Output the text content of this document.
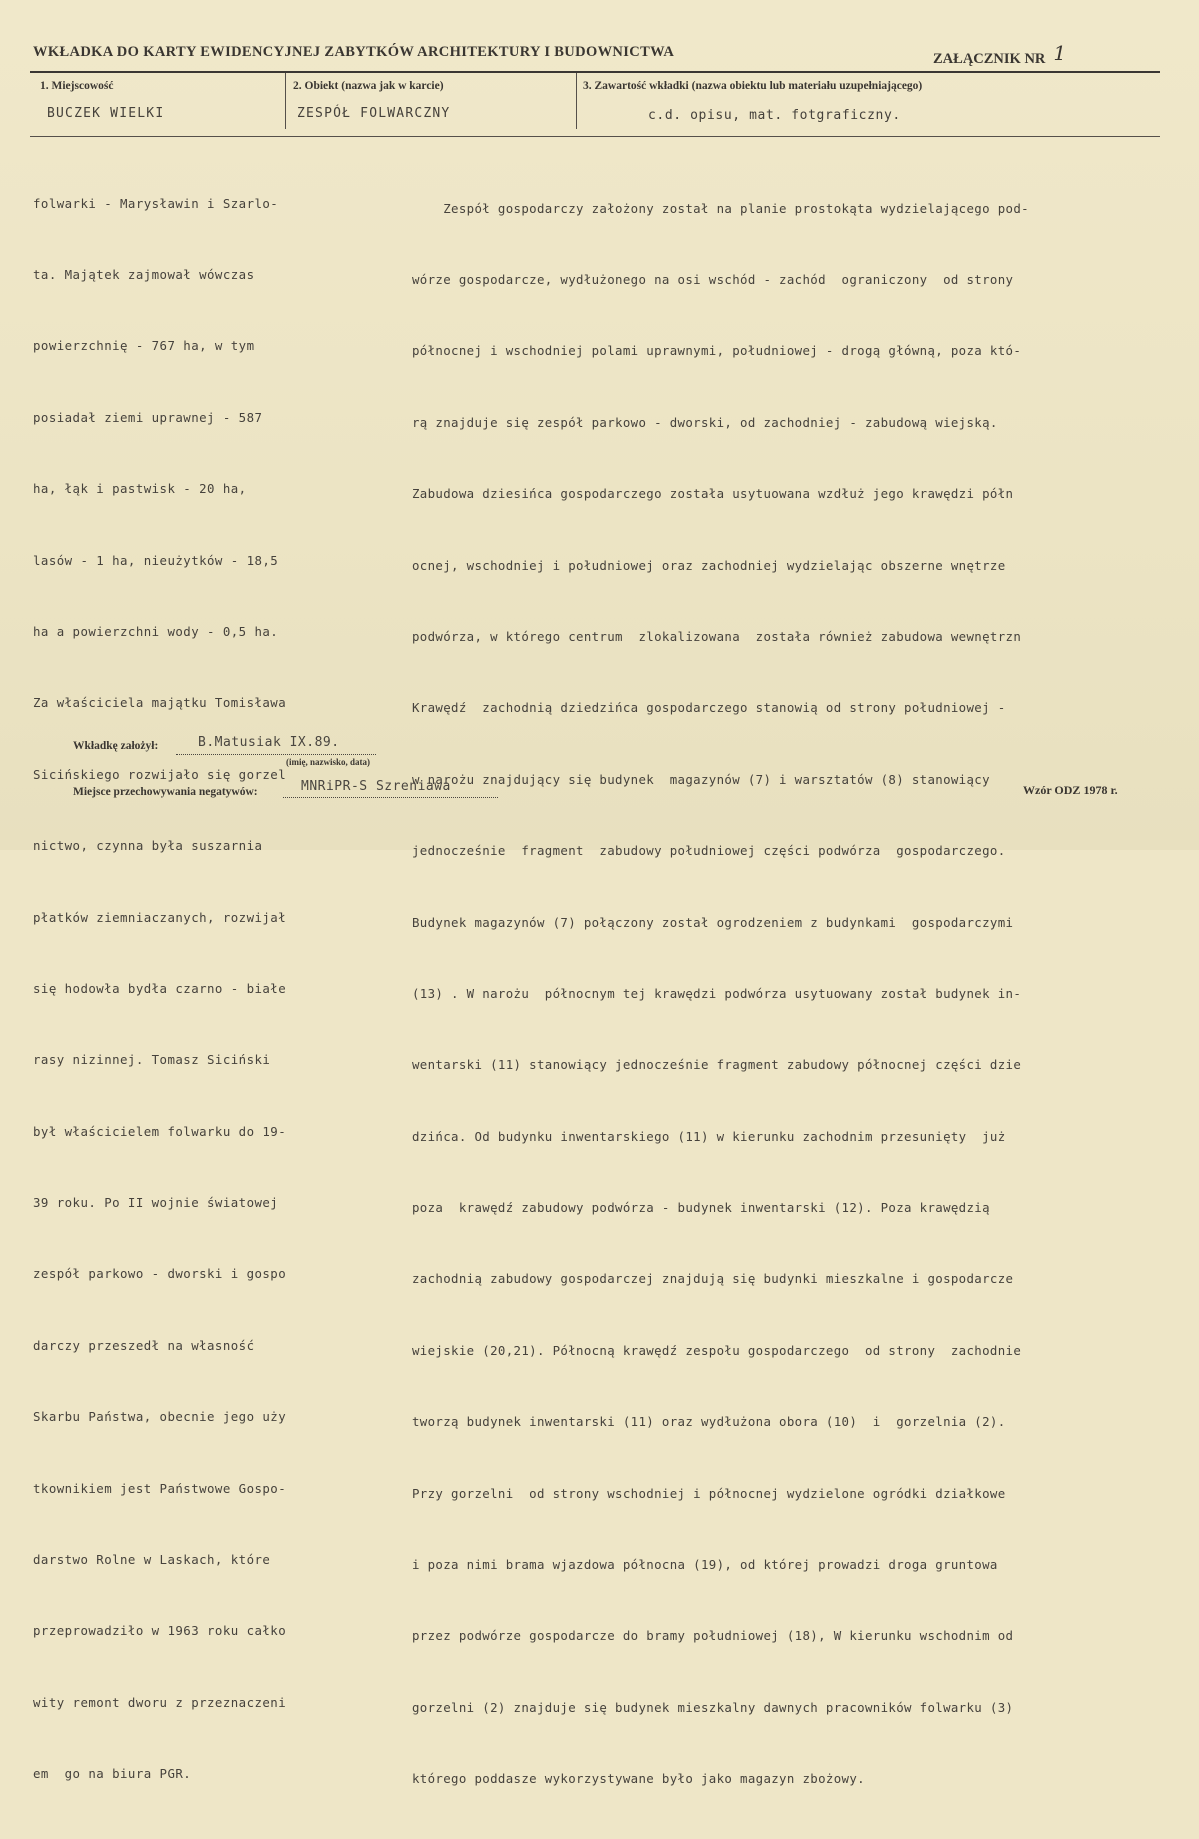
WKŁADKA DO KARTY EWIDENCYJNEJ ZABYTKÓW ARCHITEKTURY I BUDOWNICTWA	ZAŁĄCZNIK NR 1
1. Miejscowość
BUCZEK WIELKI
2. Obiekt (nazwa jak w karcie)
ZESPÓŁ FOLWARCZNY
3. Zawartość wkładki (nazwa obiektu lub materiału uzupełniającego)
c.d. opisu, mat. fotgraficzny.

folwarki - Marysławin i Szarlo-

ta. Majątek zajmował wówczas

powierzchnię - 767 ha, w tym

posiadał ziemi uprawnej - 587

ha, łąk i pastwisk - 20 ha,

lasów - 1 ha, nieużytków - 18,5

ha a powierzchni wody - 0,5 ha.

Za właściciela majątku Tomisława

Sicińskiego rozwijało się gorzel

nictwo, czynna była suszarnia

płatków ziemniaczanych, rozwijał

się hodowła bydła czarno - białe

rasy nizinnej. Tomasz Siciński

był właścicielem folwarku do 19-

39 roku. Po II wojnie światowej

zespół parkowo - dworski i gospo

darczy przeszedł na własność

Skarbu Państwa, obecnie jego uży

tkownikiem jest Państwowe Gospo-

darstwo Rolne w Laskach, które

przeprowadziło w 1963 roku całko

wity remont dworu z przeznaczeni

em  go na biura PGR.

Zespół gospodarczy założony został na planie prostokąta wydzielającego pod-

wórze gospodarcze, wydłużonego na osi wschód - zachód  ograniczony  od strony

północnej i wschodniej polami uprawnymi, południowej - drogą główną, poza któ-

rą znajduje się zespół parkowo - dworski, od zachodniej - zabudową wiejską.

Zabudowa dziesińca gospodarczego została usytuowana wzdłuż jego krawędzi półn

ocnej, wschodniej i południowej oraz zachodniej wydzielając obszerne wnętrze

podwórza, w którego centrum  zlokalizowana  została również zabudowa wewnętrzn

Krawędź  zachodnią dziedzińca gospodarczego stanowią od strony południowej -

w narożu znajdujący się budynek  magazynów (7) i warsztatów (8) stanowiący

jednocześnie  fragment  zabudowy południowej części podwórza  gospodarczego.

Budynek magazynów (7) połączony został ogrodzeniem z budynkami  gospodarczymi

(13) . W narożu  północnym tej krawędzi podwórza usytuowany został budynek in-

wentarski (11) stanowiący jednocześnie fragment zabudowy północnej części dzie

dzińca. Od budynku inwentarskiego (11) w kierunku zachodnim przesunięty  już

poza  krawędź zabudowy podwórza - budynek inwentarski (12). Poza krawędzią

zachodnią zabudowy gospodarczej znajdują się budynki mieszkalne i gospodarcze

wiejskie (20,21). Północną krawędź zespołu gospodarczego  od strony  zachodnie

tworzą budynek inwentarski (11) oraz wydłużona obora (10)  i  gorzelnia (2).

Przy gorzelni  od strony wschodniej i północnej wydzielone ogródki działkowe

i poza nimi brama wjazdowa północna (19), od której prowadzi droga gruntowa

przez podwórze gospodarcze do bramy południowej (18), W kierunku wschodnim od

gorzelni (2) znajduje się budynek mieszkalny dawnych pracowników folwarku (3)

którego poddasze wykorzystywane było jako magazyn zbożowy.

Wkładkę założył:	B.Matusiak IX.89.
(imię, nazwisko, data)
Miejsce przechowywania negatywów:	MNRiPR-S Szreniawa	Wzór ODZ 1978 r.
